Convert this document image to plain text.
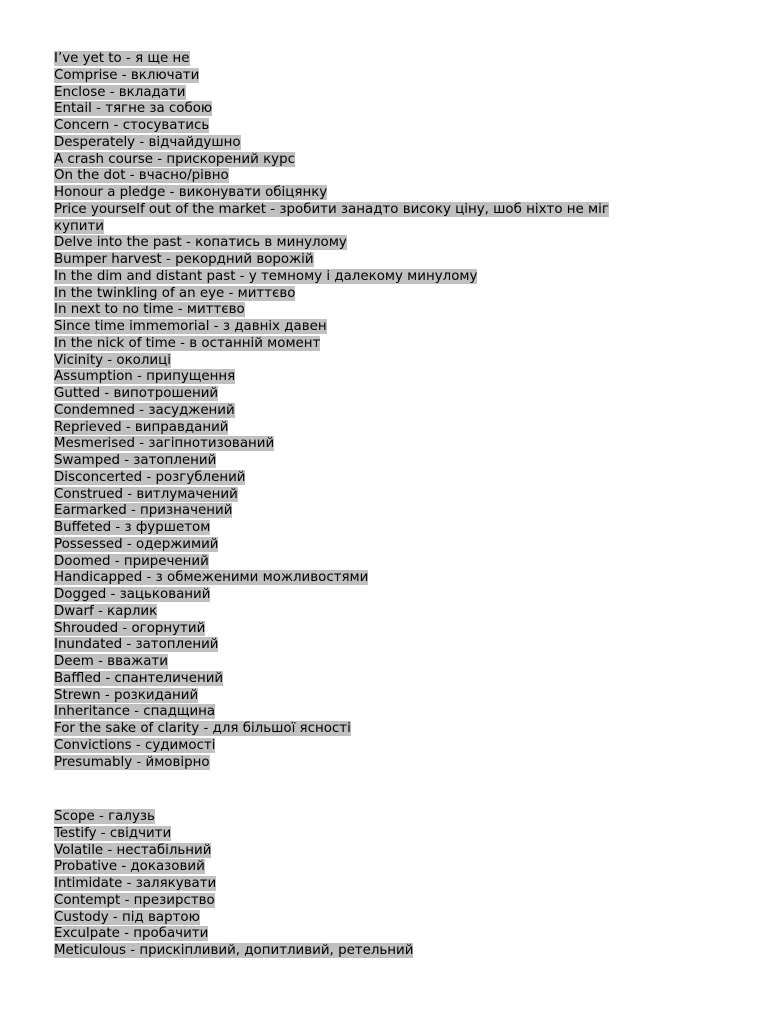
I’ve yet to - я ще не
Comprise - включати
Enclose - вкладати
Entail - тягне за собою
Concern - стосуватись
Desperately - відчайдушно
A crash course - прискорений курс
On the dot - вчасно/рівно
Honour a pledge - виконувати обіцянку
Price yourself out of the market - зробити занадто високу ціну, шоб ніхто не міг купити
Delve into the past - копатись в минулому
Bumper harvest - рекордний ворожій
In the dim and distant past - у темному і далекому минулому
In the twinkling of an eye - миттєво
In next to no time - миттєво
Since time immemorial - з давніх давен
In the nick of time - в останній момент
Vicinity - околиці
Assumption - припущення
Gutted - випотрошений
Condemned - засуджений
Reprieved - виправданий
Mesmerised - загіпнотизований
Swamped - затоплений
Disconcerted - розгублений
Construed - витлумачений
Earmarked - призначений
Buffeted - з фуршетом
Possessed - одержимий
Doomed - приречений
Handicapped - з обмеженими можливостями
Dogged - зацькований
Dwarf - карлик
Shrouded - огорнутий
Inundated - затоплений
Deem - вважати
Baffled - спантеличений
Strewn - розкиданий
Inheritance - спадщина
For the sake of clarity - для більшої ясності
Convictions - судимості
Presumably - ймовірно
Scope - галузь
Testify - свідчити
Volatile - нестабільний
Probative - доказовий
Intimidate - залякувати
Contempt - презирство
Custody - під вартою
Exculpate - пробачити
Meticulous - прискіпливий, допитливий, ретельний
